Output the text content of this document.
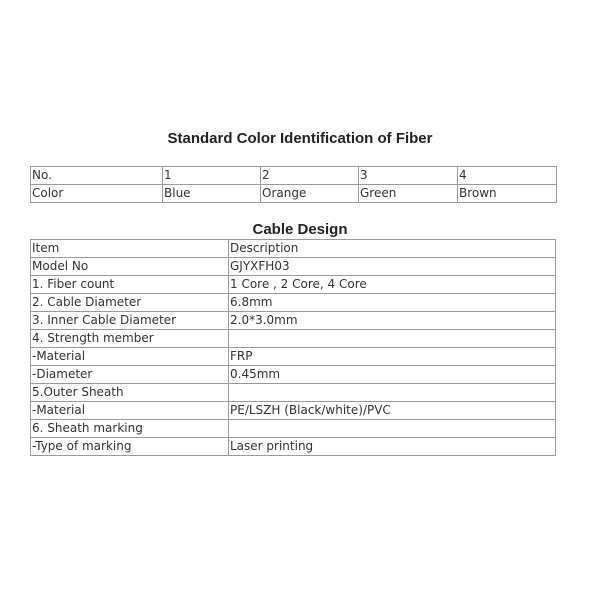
Standard Color Identification of Fiber
No.	1	2	3	4
Color	Blue	Orange	Green	Brown
Cable Design
Item	Description
Model No	GJYXFH03
1. Fiber count	1 Core , 2 Core, 4 Core
2. Cable Diameter	6.8mm
3. Inner Cable Diameter	2.0*3.0mm
4. Strength member	
-Material	FRP
-Diameter	0.45mm
5.Outer Sheath	
-Material	PE/LSZH (Black/white)/PVC
6. Sheath marking	
-Type of marking	Laser printing
